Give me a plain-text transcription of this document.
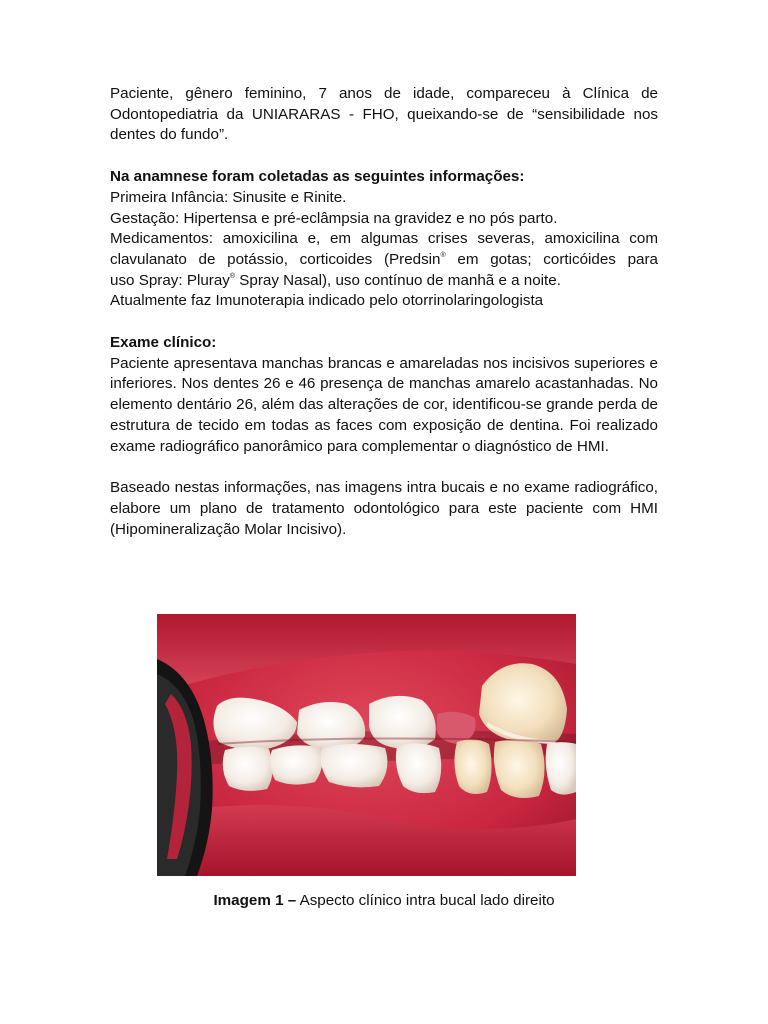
Paciente, gênero feminino, 7 anos de idade, compareceu à Clínica de Odontopediatria da UNIARARAS - FHO, queixando-se de “sensibilidade nos dentes do fundo”.

Na anamnese foram coletadas as seguintes informações:

Primeira Infância: Sinusite e Rinite.

Gestação: Hipertensa e pré-eclâmpsia na gravidez e no pós parto.

Medicamentos: amoxicilina e, em algumas crises severas, amoxicilina com

clavulanato de potássio, corticoides (Predsin® em gotas; corticóides para

uso Spray: Pluray® Spray Nasal), uso contínuo de manhã e a noite.

Atualmente faz Imunoterapia indicado pelo otorrinolaringologista

Exame clínico:

Paciente apresentava manchas brancas e amareladas nos incisivos superiores e inferiores. Nos dentes 26 e 46 presença de manchas amarelo acastanhadas. No elemento dentário 26, além das alterações de cor, identificou-se grande perda de estrutura de tecido em todas as faces com exposição de dentina. Foi realizado exame radiográfico panorâmico para complementar o diagnóstico de HMI.

Baseado nestas informações, nas imagens intra bucais e no exame radiográfico, elabore um plano de tratamento odontológico para este paciente com HMI (Hipomineralização Molar Incisivo).

Imagem 1 – Aspecto clínico intra bucal lado direito
